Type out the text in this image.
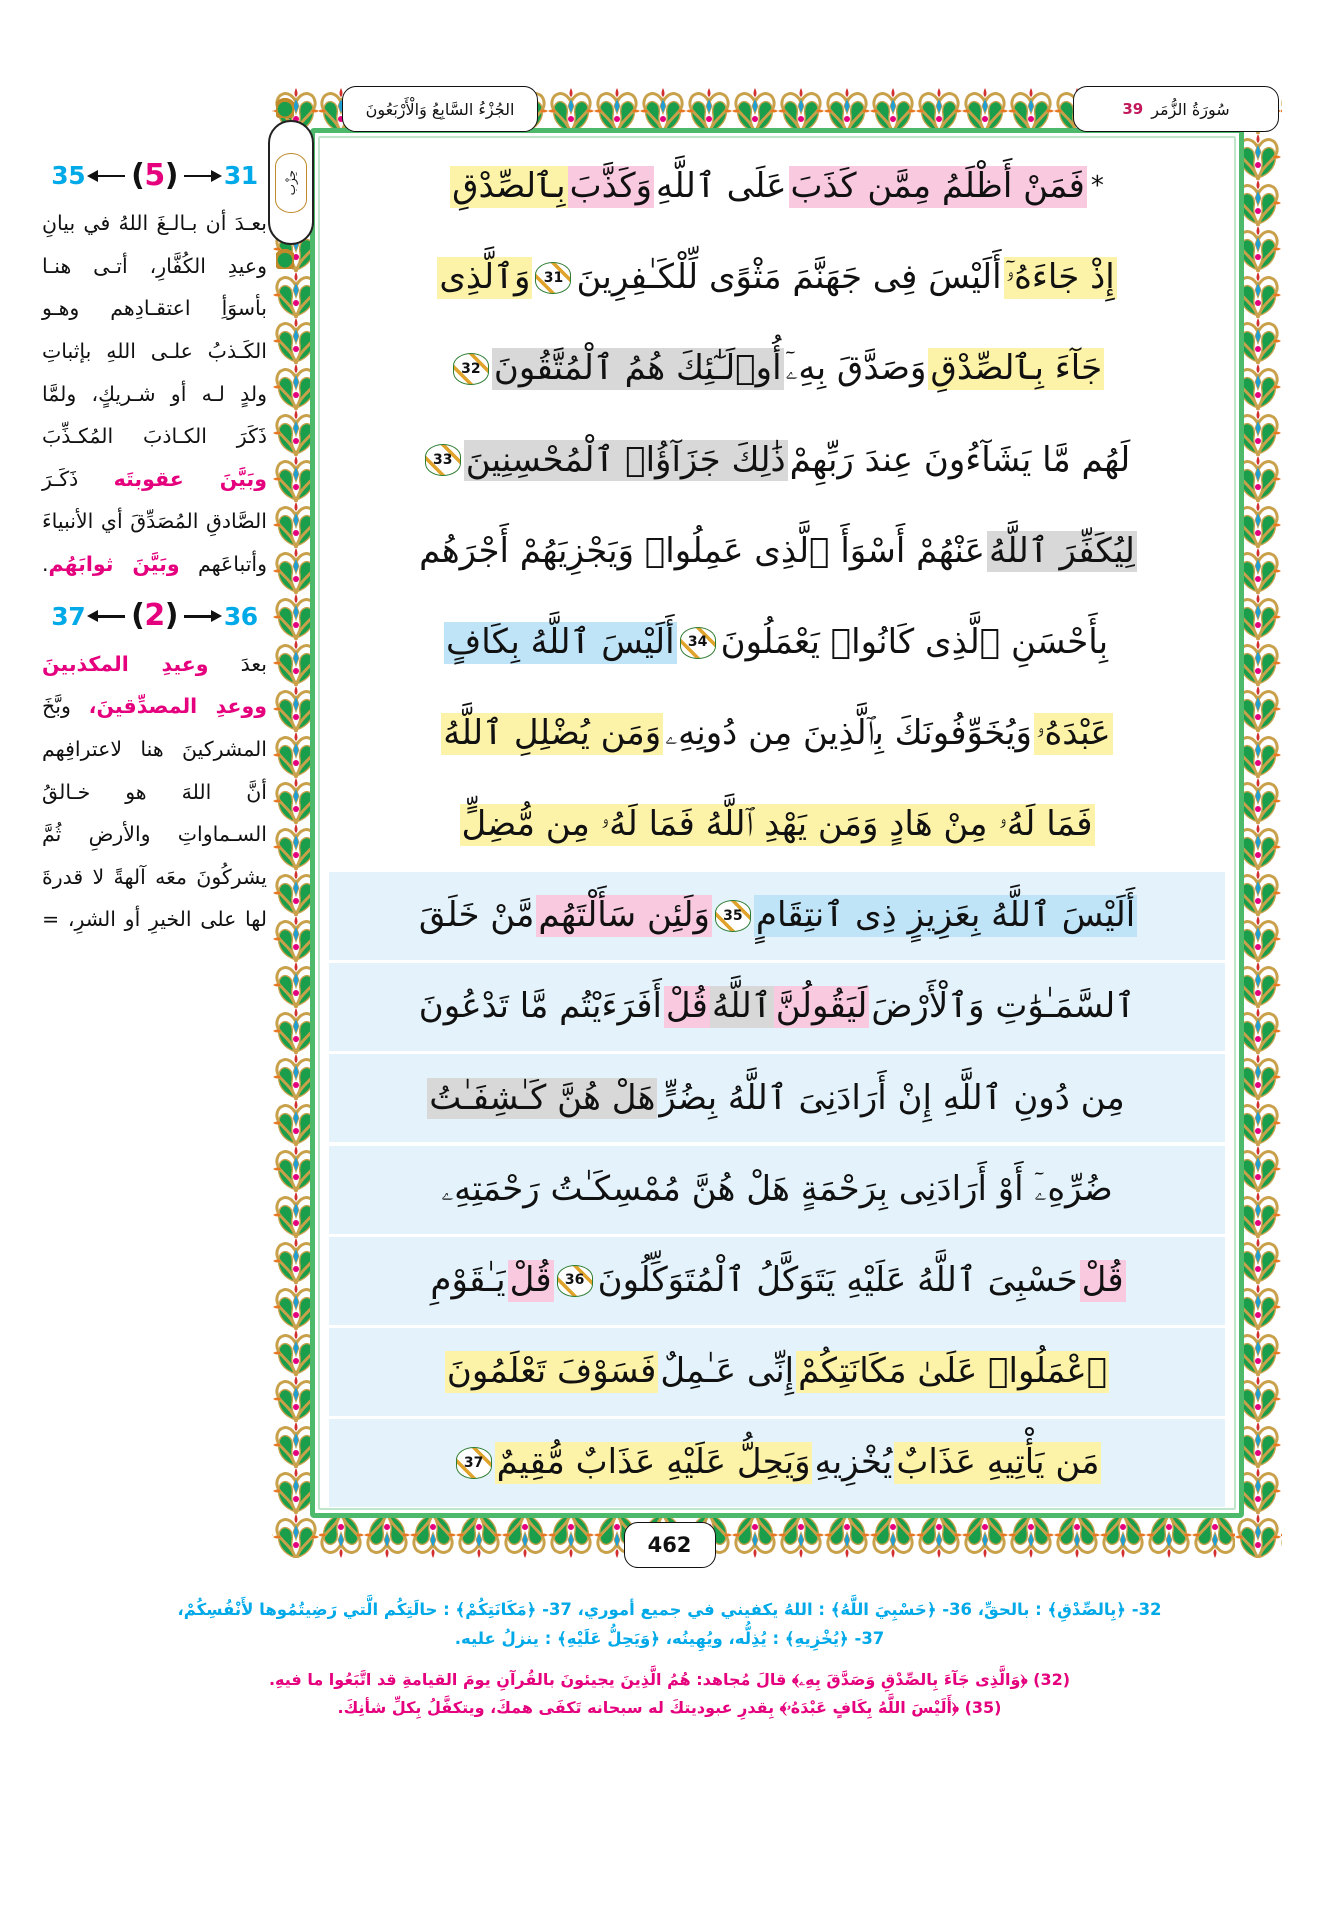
35 (5) 31
بعـدَ أن بـالـغَ اللهُ في بيانِ وعيدِ الكُفَّارِ، أتـى هنـا بأسوَأِ اعتقـادِهم وهـو الكَـذبُ علـى اللهِ بإثباتِ ولدٍ لـه أو شـريكٍ، ولمَّا ذَكَرَ الكـاذبَ المُكـذِّبَ وبَيَّنَ عقوبتَه ذَكَـرَ الصَّادقِ المُصَدِّقَ أي الأنبياءَ وأتباعَهم وبَيَّنَ ثوابَهُم.
37 (2) 36
بعدَ وعيدِ المكذبينَ ووعدِ المصدِّقينَ، وبَّخَ المشركينَ هنا لاعترافِهم أنَّ اللهَ هو خـالقُ السـماواتِ والأرضِ ثُمَّ يشركُونَ معَه آلهةً لا قدرةَ لها على الخيرِ أو الشرِ، =
*
فَمَنْ أَظْلَمُ مِمَّن كَذَبَ
عَلَى ٱللَّهِ
وَكَذَّبَ
بِٱلصِّدْقِ
إِذْ جَاءَهُۥٓ
أَلَيْسَ فِى جَهَنَّمَ مَثْوًى لِّلْكَـٰفِرِينَ
31
وَٱلَّذِى
جَآءَ بِٱلصِّدْقِ
وَصَدَّقَ بِهِۦٓ
أُو۟لَـٰٓئِكَ هُمُ ٱلْمُتَّقُونَ
32
لَهُم مَّا يَشَآءُونَ عِندَ رَبِّهِمْ
ذَٰلِكَ جَزَآؤُا۟ ٱلْمُحْسِنِينَ
33
لِيُكَفِّرَ ٱللَّهُ
عَنْهُمْ أَسْوَأَ ٱلَّذِى عَمِلُوا۟ وَيَجْزِيَهُمْ أَجْرَهُم
بِأَحْسَنِ ٱلَّذِى كَانُوا۟ يَعْمَلُونَ
34
أَلَيْسَ ٱللَّهُ بِكَافٍ
عَبْدَهُۥ
وَيُخَوِّفُونَكَ بِٱلَّذِينَ مِن دُونِهِۦ
وَمَن يُضْلِلِ ٱللَّهُ
فَمَا لَهُۥ مِنْ هَادٍ وَمَن يَهْدِ ٱللَّهُ فَمَا لَهُۥ مِن مُّضِلٍّ
أَلَيْسَ ٱللَّهُ بِعَزِيزٍ ذِى ٱنتِقَامٍ
35
وَلَئِن سَأَلْتَهُم
مَّنْ خَلَقَ
ٱلسَّمَـٰوَٰتِ وَٱلْأَرْضَ
لَيَقُولُنَّ
ٱللَّهُ
قُلْ
أَفَرَءَيْتُم مَّا تَدْعُونَ
مِن دُونِ ٱللَّهِ إِنْ أَرَادَنِىَ ٱللَّهُ بِضُرٍّ
هَلْ هُنَّ كَـٰشِفَـٰتُ
ضُرِّهِۦٓ أَوْ أَرَادَنِى بِرَحْمَةٍ هَلْ هُنَّ مُمْسِكَـٰتُ رَحْمَتِهِۦ
قُلْ
حَسْبِىَ ٱللَّهُ عَلَيْهِ يَتَوَكَّلُ ٱلْمُتَوَكِّلُونَ
36
قُلْ
يَـٰقَوْمِ
ٱعْمَلُوا۟ عَلَىٰ مَكَانَتِكُمْ
إِنِّى عَـٰمِلٌ
فَسَوْفَ تَعْلَمُونَ
مَن يَأْتِيهِ عَذَابٌ
يُخْزِيهِ
وَيَحِلُّ عَلَيْهِ عَذَابٌ مُّقِيمٌ
37
حِزْب
الجُزْءُ السَّابِعُ وَالْأَرْبَعُونَ	39 سُورَةُ الزُّمَر
462
32- ﴿بِالصِّدْقِ﴾ : بالحقِّ، 36- ﴿حَسْبِيَ اللَّهُ﴾ : اللهُ يكفيني في جميع أموري، 37- ﴿مَكَانَتِكُمْ﴾ : حالَتِكُم الَّتي رَضِيتُمُوها لأَنْفُسِكُمْ،
37- ﴿يُخْزِيهِ﴾ : يُذِلُّه، ويُهِينُه، ﴿وَيَحِلُّ عَلَيْهِ﴾ : ينزلُ عليه.
(32) ﴿وَالَّذِى جَآءَ بِالصِّدْقِ وَصَدَّقَ بِهِۦ﴾ قالَ مُجاهد: هُمُ الَّذِينَ يجيئونَ بالقُرآنِ يومَ القيامةِ قد اتَّبَعُوا ما فيهِ.
(35) ﴿أَلَيْسَ اللَّهُ بِكَافٍ عَبْدَهُۥ﴾ بِقدرِ عبوديتكَ له سبحانه تَكفَى همكَ، ويتكفَّلُ بِكلِّ شأنِكَ.
